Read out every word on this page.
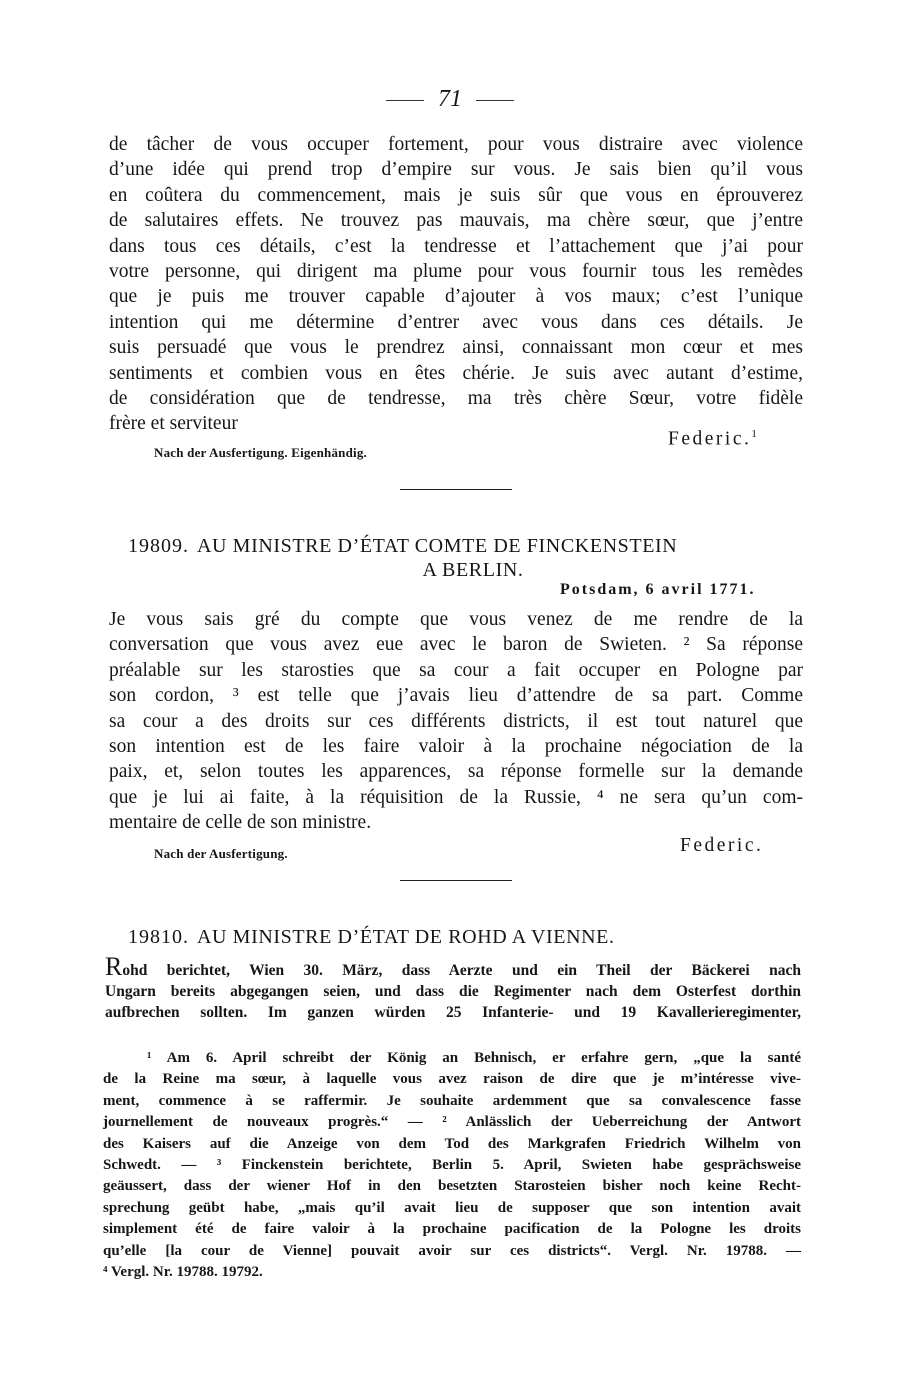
71
de tâcher de vous occuper fortement, pour vous distraire avec violence
d’une idée qui prend trop d’empire sur vous. Je sais bien qu’il vous
en coûtera du commencement, mais je suis sûr que vous en éprouverez
de salutaires effets. Ne trouvez pas mauvais, ma chère sœur, que j’entre
dans tous ces détails, c’est la tendresse et l’attachement que j’ai pour
votre personne, qui dirigent ma plume pour vous fournir tous les remèdes
que je puis me trouver capable d’ajouter à vos maux; c’est l’unique
intention qui me détermine d’entrer avec vous dans ces détails. Je
suis persuadé que vous le prendrez ainsi, connaissant mon cœur et mes
sentiments et combien vous en êtes chérie. Je suis avec autant d’estime,
de considération que de tendresse, ma très chère Sœur, votre fidèle
frère et serviteur
Federic.$^1$
Nach der Ausfertigung. Eigenhändig.
19809. AU MINISTRE D’ÉTAT COMTE DE FINCKENSTEIN
A BERLIN.
Potsdam, 6 avril 1771.
Je vous sais gré du compte que vous venez de me rendre de la
conversation que vous avez eue avec le baron de Swieten. ² Sa réponse
préalable sur les starosties que sa cour a fait occuper en Pologne par
son cordon, ³ est telle que j’avais lieu d’attendre de sa part. Comme
sa cour a des droits sur ces différents districts, il est tout naturel que
son intention est de les faire valoir à la prochaine négociation de la
paix, et, selon toutes les apparences, sa réponse formelle sur la demande
que je lui ai faite, à la réquisition de la Russie, ⁴ ne sera qu’un com-
mentaire de celle de son ministre.
Federic.
Nach der Ausfertigung.
19810. AU MINISTRE D’ÉTAT DE ROHD A VIENNE.
Rohd berichtet, Wien 30. März, dass Aerzte und ein Theil der Bäckerei nach
Ungarn bereits abgegangen seien, und dass die Regimenter nach dem Osterfest dorthin
aufbrechen sollten. Im ganzen würden 25 Infanterie- und 19 Kavallerieregimenter,
¹ Am 6. April schreibt der König an Behnisch, er erfahre gern, „que la santé
de la Reine ma sœur, à laquelle vous avez raison de dire que je m’intéresse vive-
ment, commence à se raffermir. Je souhaite ardemment que sa convalescence fasse
journellement de nouveaux progrès.“ — ² Anlässlich der Ueberreichung der Antwort
des Kaisers auf die Anzeige von dem Tod des Markgrafen Friedrich Wilhelm von
Schwedt. — ³ Finckenstein berichtete, Berlin 5. April, Swieten habe gesprächsweise
geäussert, dass der wiener Hof in den besetzten Starosteien bisher noch keine Recht-
sprechung geübt habe, „mais qu’il avait lieu de supposer que son intention avait
simplement été de faire valoir à la prochaine pacification de la Pologne les droits
qu’elle [la cour de Vienne] pouvait avoir sur ces districts“. Vergl. Nr. 19788. —
⁴ Vergl. Nr. 19788. 19792.
